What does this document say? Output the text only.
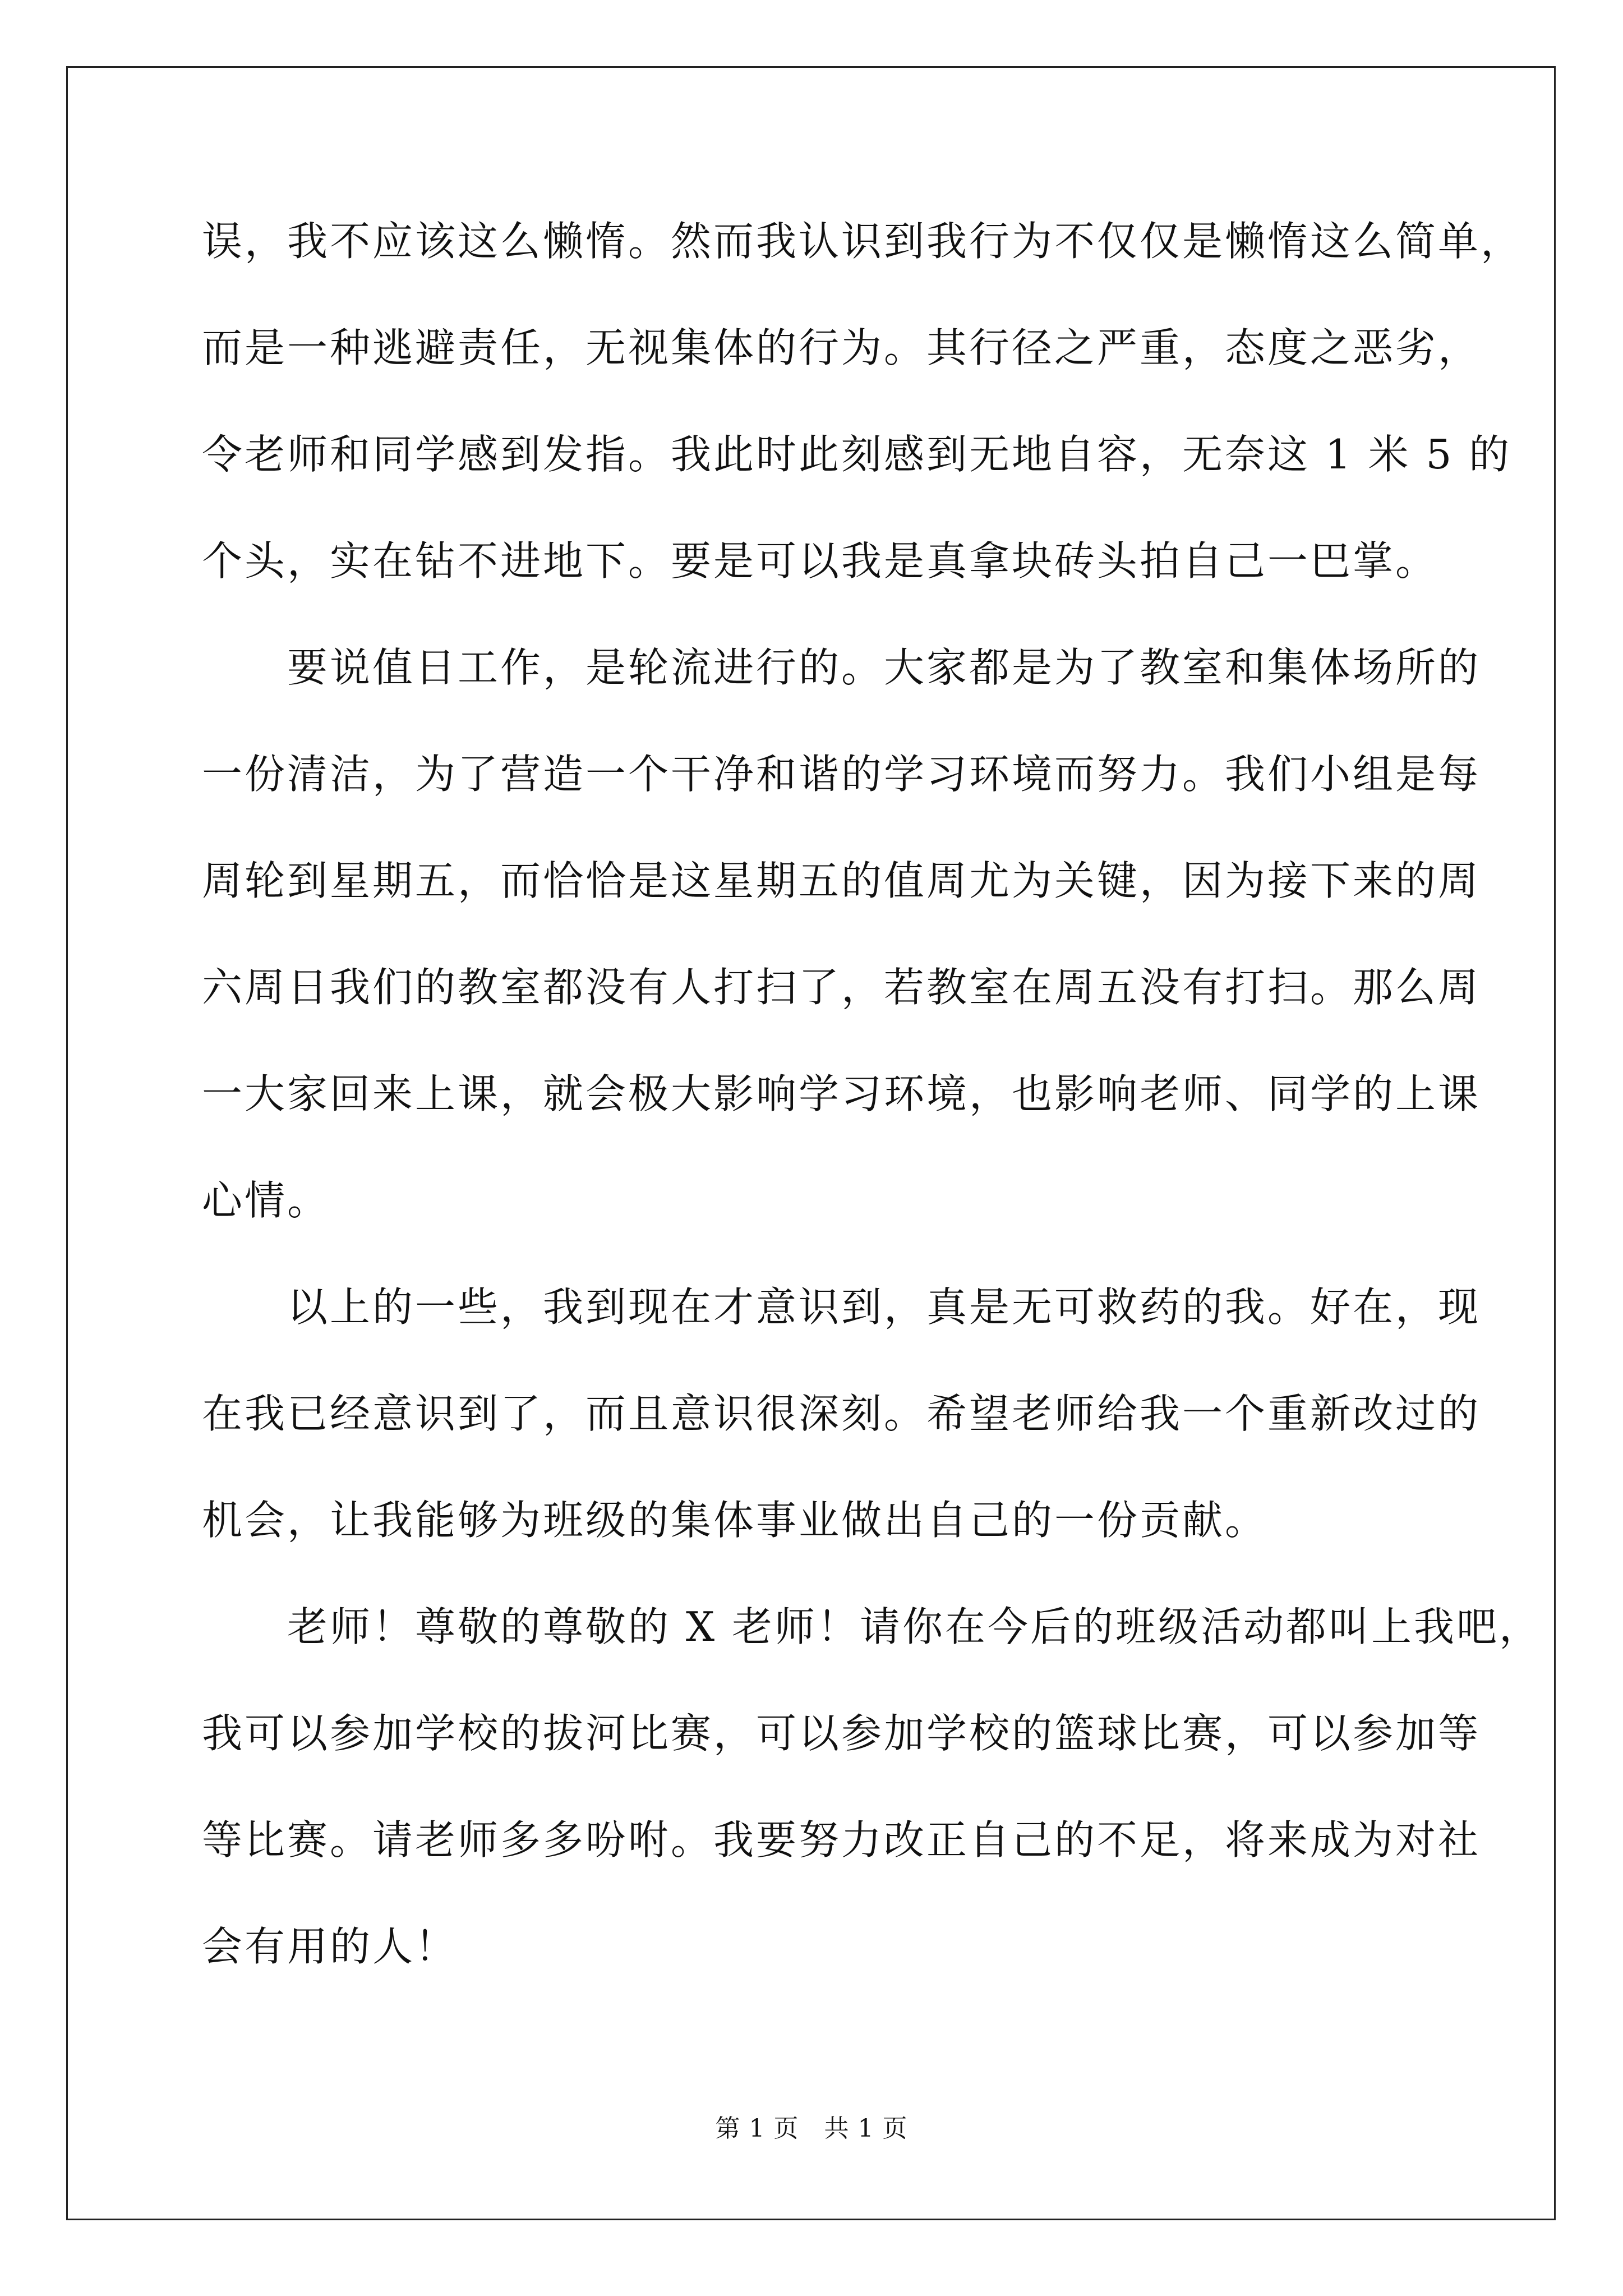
误，我不应该这么懒惰。然而我认识到我行为不仅仅是懒惰这么简单，
而是一种逃避责任，无视集体的行为。其行径之严重，态度之恶劣，
令老师和同学感到发指。我此时此刻感到无地自容，无奈这 1 米 5 的
个头，实在钻不进地下。要是可以我是真拿块砖头拍自己一巴掌。

　　要说值日工作，是轮流进行的。大家都是为了教室和集体场所的
一份清洁，为了营造一个干净和谐的学习环境而努力。我们小组是每
周轮到星期五，而恰恰是这星期五的值周尤为关键，因为接下来的周
六周日我们的教室都没有人打扫了，若教室在周五没有打扫。那么周
一大家回来上课，就会极大影响学习环境，也影响老师、同学的上课
心情。

　　以上的一些，我到现在才意识到，真是无可救药的我。好在，现
在我已经意识到了，而且意识很深刻。希望老师给我一个重新改过的
机会，让我能够为班级的集体事业做出自己的一份贡献。

　　老师！尊敬的尊敬的 X 老师！请你在今后的班级活动都叫上我吧，
我可以参加学校的拔河比赛，可以参加学校的篮球比赛，可以参加等
等比赛。请老师多多吩咐。我要努力改正自己的不足，将来成为对社
会有用的人！

第 1 页　共 1 页
